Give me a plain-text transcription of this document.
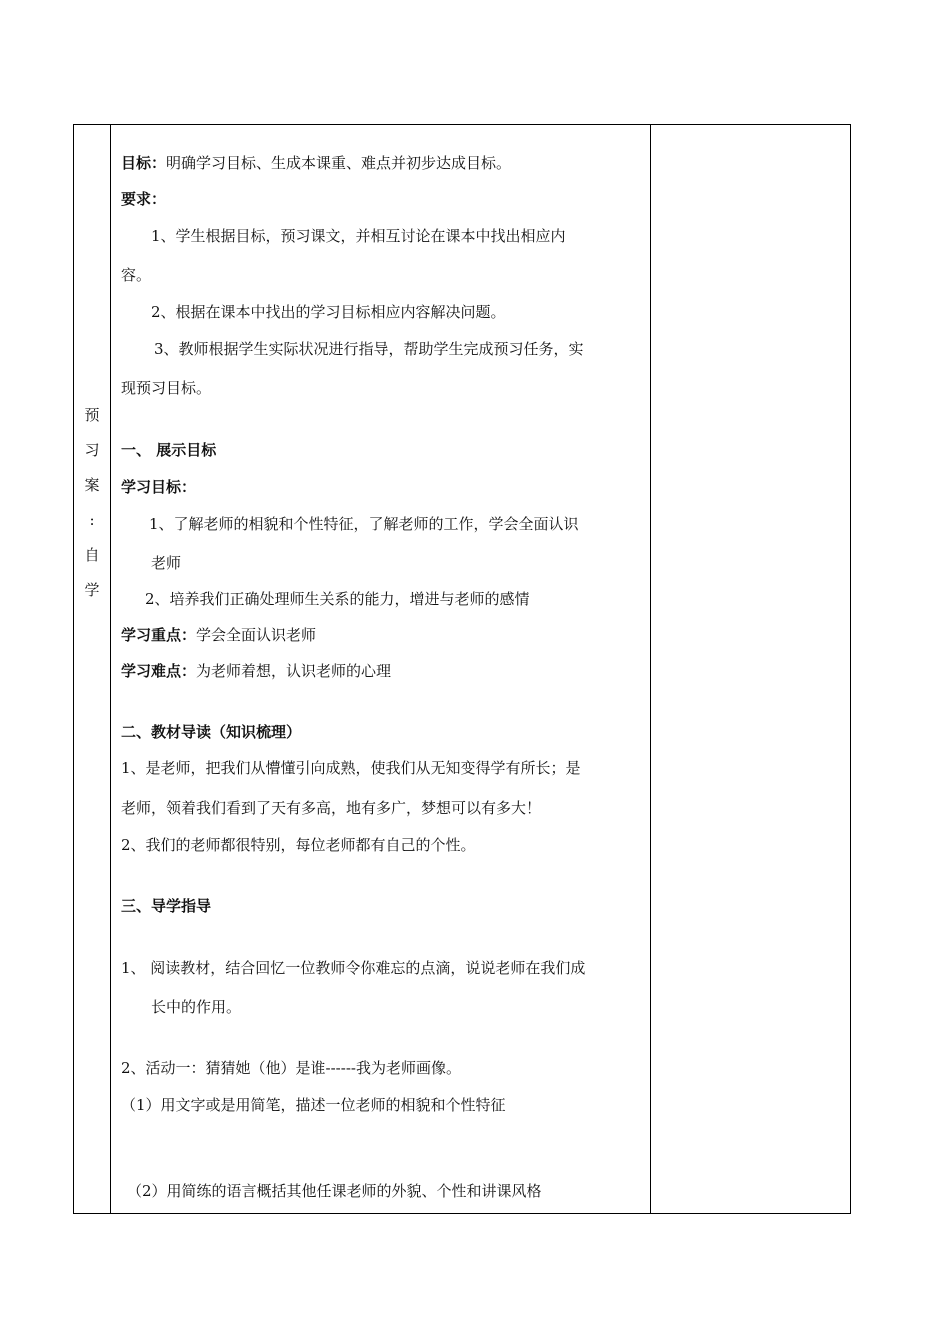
预
习
案
:
自
学
目标：明确学习目标、生成本课重、难点并初步达成目标。
要求：
1、学生根据目标，预习课文，并相互讨论在课本中找出相应内
容。
2、根据在课本中找出的学习目标相应内容解决问题。
3、教师根据学生实际状况进行指导，帮助学生完成预习任务，实
现预习目标。
一、 展示目标
学习目标：
1、了解老师的相貌和个性特征，了解老师的工作，学会全面认识
老师
2、培养我们正确处理师生关系的能力，增进与老师的感情
学习重点：学会全面认识老师
学习难点：为老师着想，认识老师的心理
二、教材导读（知识梳理）
1、是老师，把我们从懵懂引向成熟，使我们从无知变得学有所长；是
老师，领着我们看到了天有多高，地有多广，梦想可以有多大！
2、我们的老师都很特别，每位老师都有自己的个性。
三、导学指导
1、 阅读教材，结合回忆一位教师令你难忘的点滴，说说老师在我们成
长中的作用。
2、活动一：猜猜她（他）是谁------我为老师画像。
（1）用文字或是用简笔，描述一位老师的相貌和个性特征
（2）用简练的语言概括其他任课老师的外貌、个性和讲课风格
